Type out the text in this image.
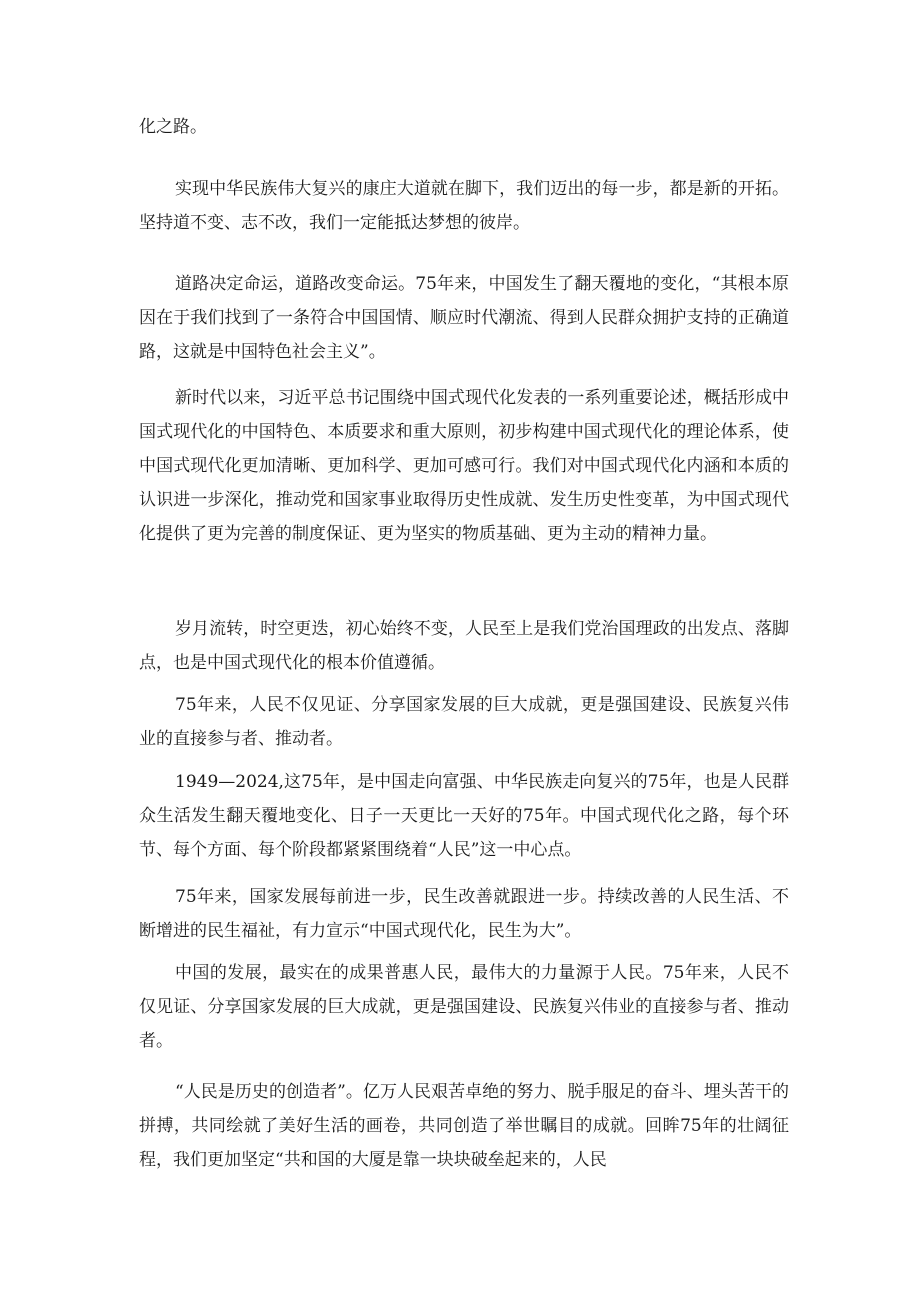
化之路。

实现中华民族伟大复兴的康庄大道就在脚下，我们迈出的每一步，都是新的开拓。坚持道不变、志不改，我们一定能抵达梦想的彼岸。

道路决定命运，道路改变命运。75年来，中国发生了翻天覆地的变化，“其根本原因在于我们找到了一条符合中国国情、顺应时代潮流、得到人民群众拥护支持的正确道路，这就是中国特色社会主义”。

新时代以来，习近平总书记围绕中国式现代化发表的一系列重要论述，概括形成中国式现代化的中国特色、本质要求和重大原则，初步构建中国式现代化的理论体系，使中国式现代化更加清晰、更加科学、更加可感可行。我们对中国式现代化内涵和本质的认识进一步深化，推动党和国家事业取得历史性成就、发生历史性变革，为中国式现代化提供了更为完善的制度保证、更为坚实的物质基础、更为主动的精神力量。

岁月流转，时空更迭，初心始终不变，人民至上是我们党治国理政的出发点、落脚点，也是中国式现代化的根本价值遵循。

75年来，人民不仅见证、分享国家发展的巨大成就，更是强国建设、民族复兴伟业的直接参与者、推动者。

1949—2024,这75年，是中国走向富强、中华民族走向复兴的75年，也是人民群众生活发生翻天覆地变化、日子一天更比一天好的75年。中国式现代化之路，每个环节、每个方面、每个阶段都紧紧围绕着“人民”这一中心点。

75年来，国家发展每前进一步，民生改善就跟进一步。持续改善的人民生活、不断增进的民生福祉，有力宣示“中国式现代化，民生为大”。

中国的发展，最实在的成果普惠人民，最伟大的力量源于人民。75年来，人民不仅见证、分享国家发展的巨大成就，更是强国建设、民族复兴伟业的直接参与者、推动者。

“人民是历史的创造者”。亿万人民艰苦卓绝的努力、脱手服足的奋斗、埋头苦干的拼搏，共同绘就了美好生活的画卷，共同创造了举世瞩目的成就。回眸75年的壮阔征程，我们更加坚定“共和国的大厦是靠一块块破垒起来的，人民
